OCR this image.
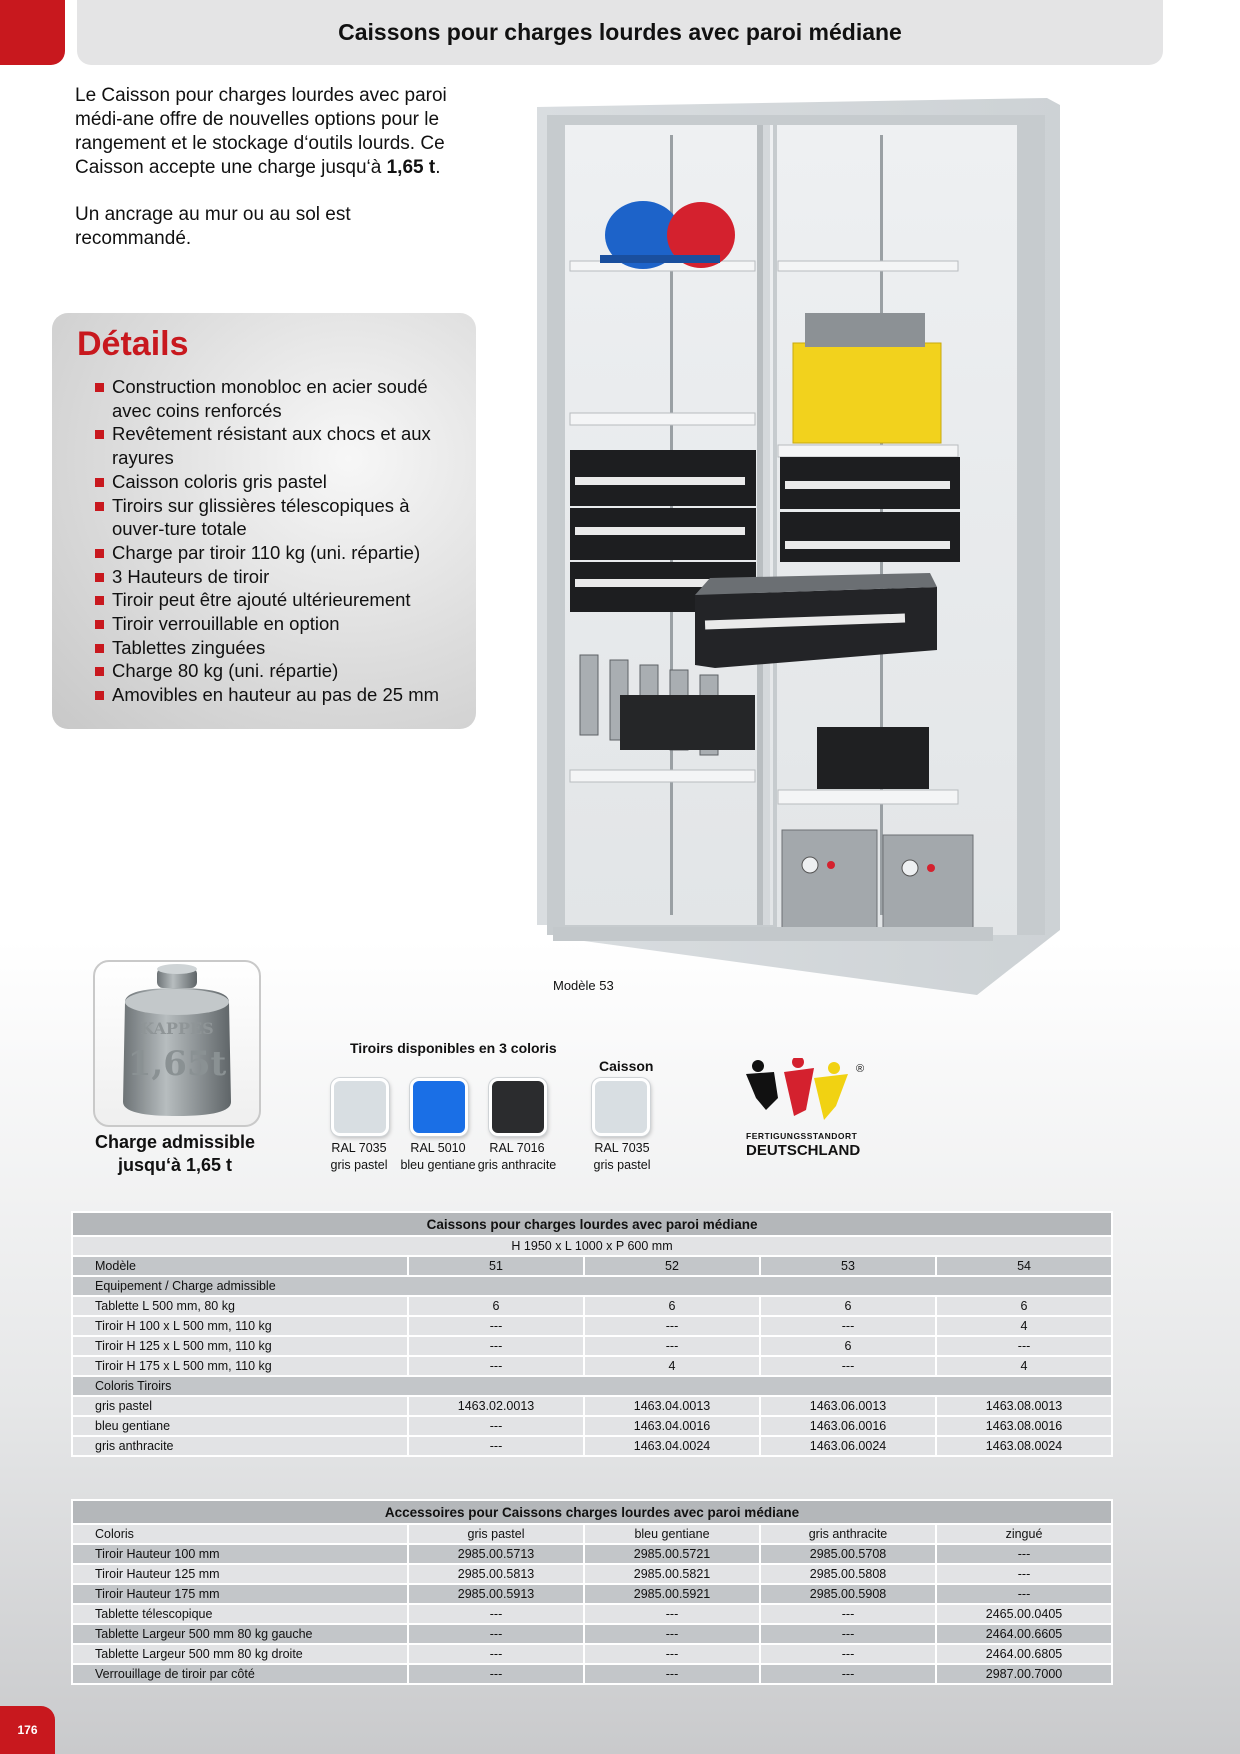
Caissons pour charges lourdes avec paroi médiane

Le Caisson pour charges lourdes avec paroi médi-ane offre de nouvelles options pour le rangement et le stockage d‘outils lourds. Ce Caisson accepte une charge jusqu‘à 1,65 t.

Un ancrage au mur ou au sol est recommandé.

Détails
Construction monobloc en acier soudé avec coins renforcés
Revêtement résistant aux chocs et aux rayures
Caisson coloris gris pastel
Tiroirs sur glissières télescopiques à ouver-ture totale
Charge par tiroir 110 kg (uni. répartie)
3 Hauteurs de tiroir
Tiroir peut être ajouté ultérieurement
Tiroir verrouillable en option
Tablettes zinguées
Charge 80 kg (uni. répartie)
Amovibles en hauteur au pas de 25 mm
Modèle 53
KAPPES
1,65t
Charge admissible
jusqu‘à 1,65 t
Tiroirs disponibles en 3 coloris
Caisson
RAL 7035
gris pastel
RAL 5010
bleu gentiane
RAL 7016
gris anthracite
RAL 7035
gris pastel
®
FERTIGUNGSSTANDORT
DEUTSCHLAND
Caissons pour charges lourdes avec paroi médiane				
H 1950 x L 1000 x P 600 mm				
Modèle	51	52	53	54
Equipement / Charge admissible				
Tablette L 500 mm, 80 kg	6	6	6	6
Tiroir H 100 x L 500 mm, 110 kg	---	---	---	4
Tiroir H 125 x L 500 mm, 110 kg	---	---	6	---
Tiroir H 175 x L 500 mm, 110 kg	---	4	---	4
Coloris Tiroirs				
gris pastel	1463.02.0013	1463.04.0013	1463.06.0013	1463.08.0013
bleu gentiane	---	1463.04.0016	1463.06.0016	1463.08.0016
gris anthracite	---	1463.04.0024	1463.06.0024	1463.08.0024
Accessoires pour Caissons charges lourdes avec paroi médiane				
Coloris	gris pastel	bleu gentiane	gris anthracite	zingué
Tiroir Hauteur 100 mm	2985.00.5713	2985.00.5721	2985.00.5708	---
Tiroir Hauteur 125 mm	2985.00.5813	2985.00.5821	2985.00.5808	---
Tiroir Hauteur 175 mm	2985.00.5913	2985.00.5921	2985.00.5908	---
Tablette télescopique	---	---	---	2465.00.0405
Tablette Largeur 500 mm 80 kg gauche	---	---	---	2464.00.6605
Tablette Largeur 500 mm 80 kg droite	---	---	---	2464.00.6805
Verrouillage de tiroir par côté	---	---	---	2987.00.7000
176
